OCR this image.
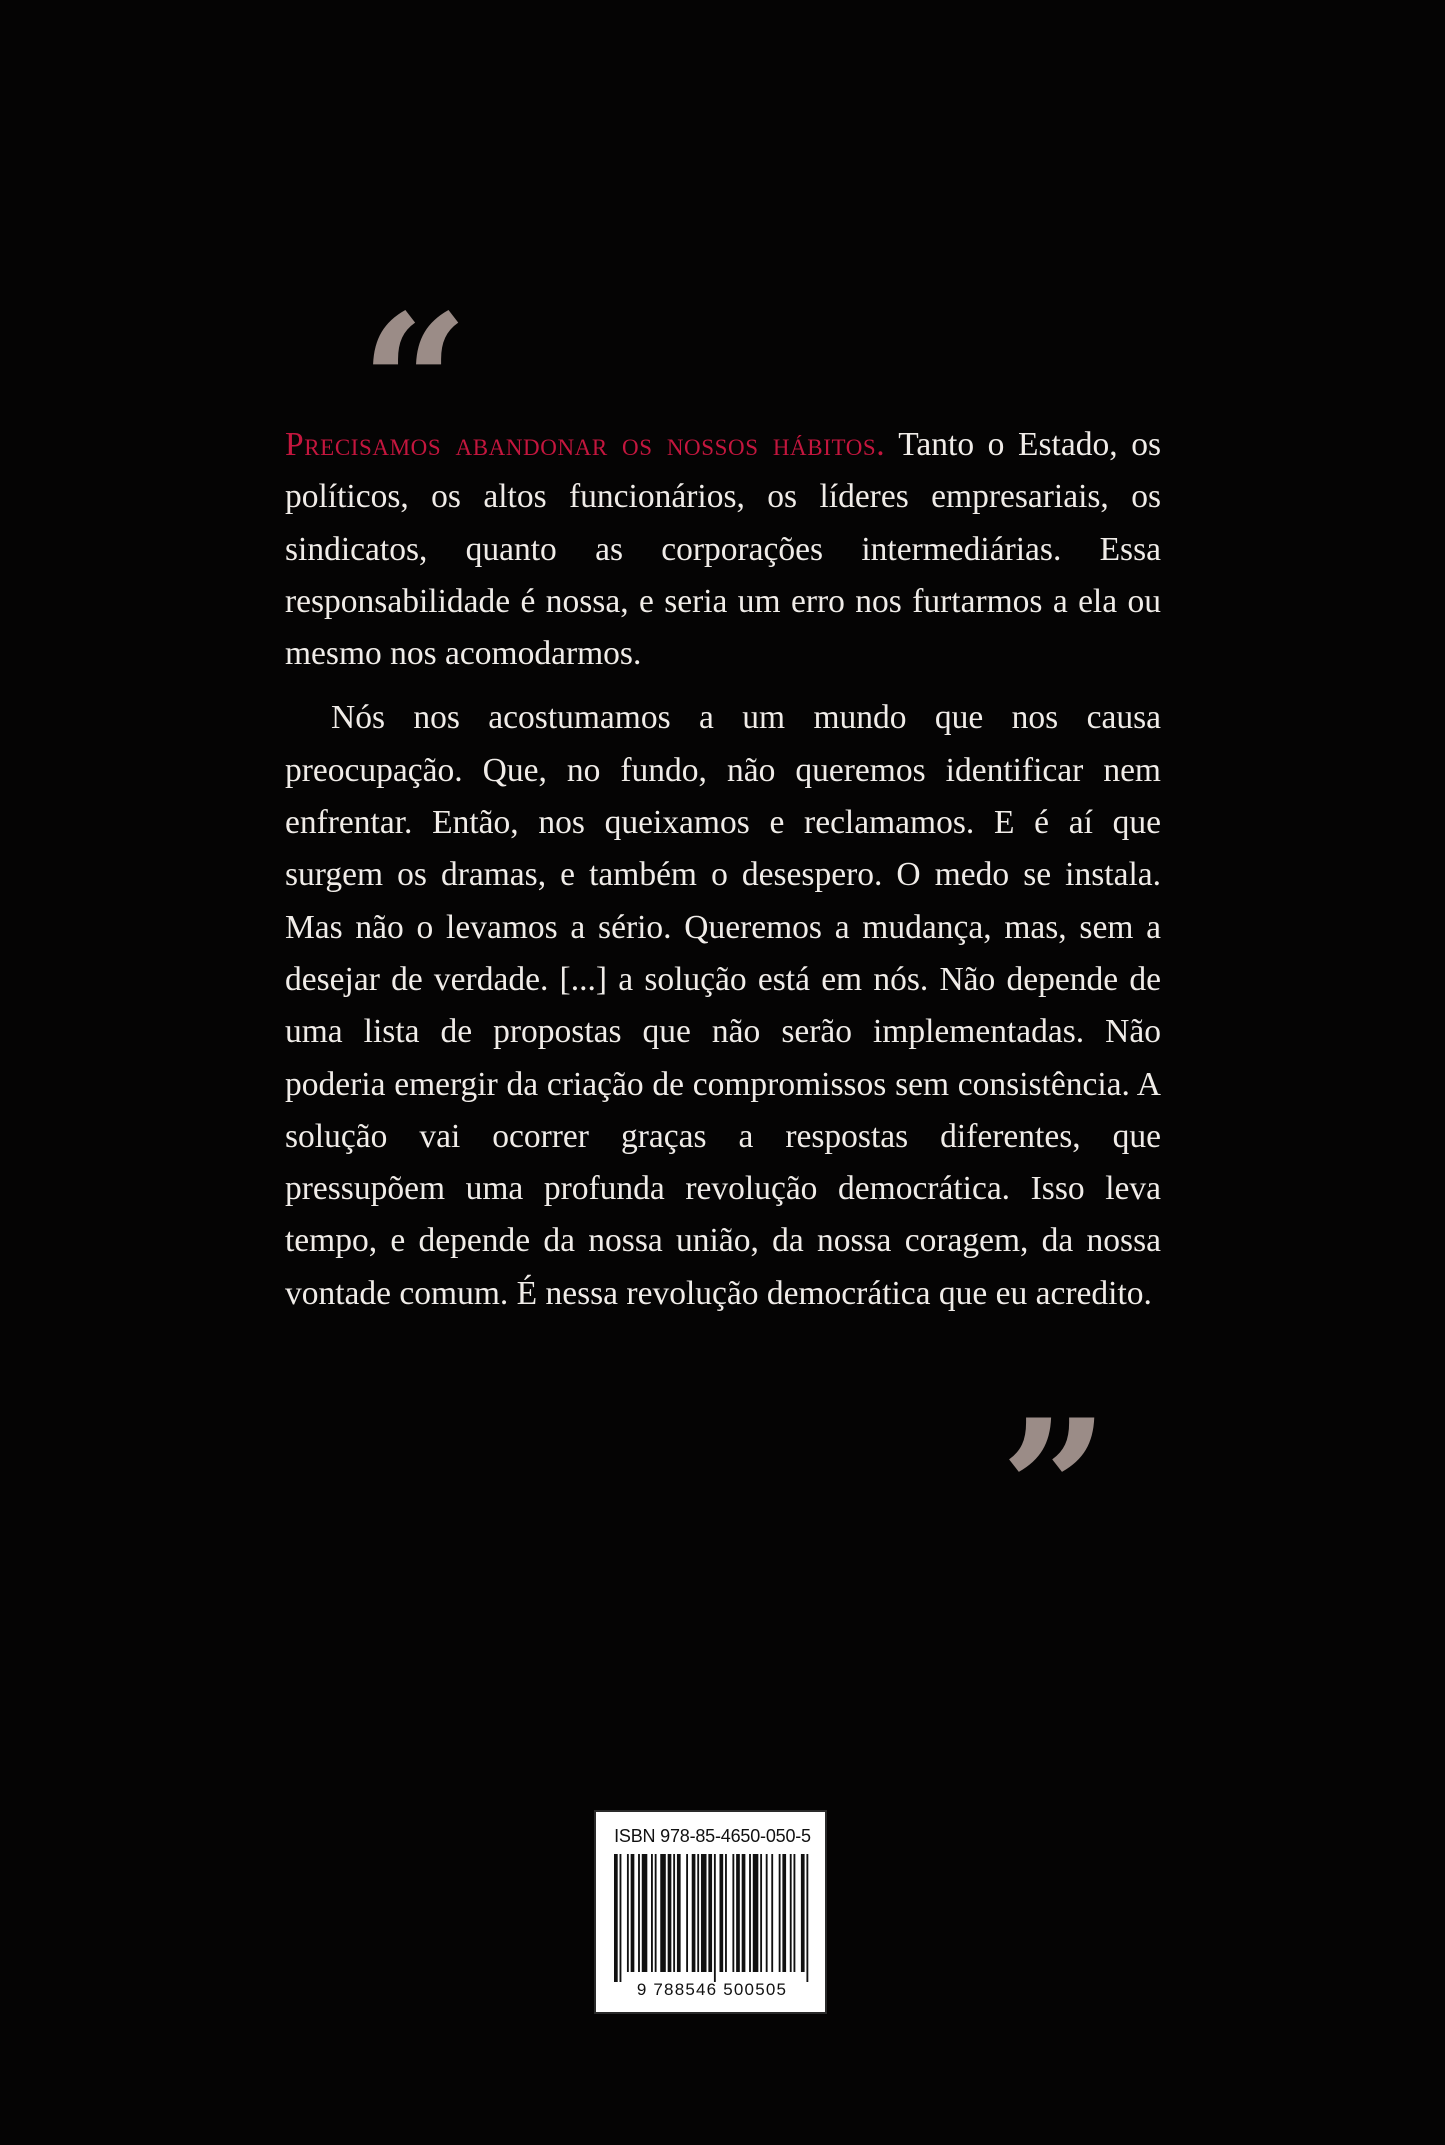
“

Precisamos abandonar os nossos hábitos. Tanto o Estado, os políticos, os altos funcionários, os líderes empresariais, os sindicatos, quanto as corporações intermediárias. Essa responsabilidade é nossa, e seria um erro nos furtarmos a ela ou mesmo nos acomodarmos.

Nós nos acostumamos a um mundo que nos causa preocupação. Que, no fundo, não queremos identificar nem enfrentar. Então, nos queixamos e reclamamos. E é aí que surgem os dramas, e também o desespero. O medo se instala. Mas não o levamos a sério. Queremos a mudança, mas, sem a desejar de verdade. [...] a solução está em nós. Não depende de uma lista de propostas que não serão implementadas. Não poderia emergir da criação de compromissos sem consistência. A solução vai ocorrer graças a respostas diferentes, que pressupõem uma profunda revolução democrática. Isso leva tempo, e depende da nossa união, da nossa coragem, da nossa vontade comum. É nessa revolução democrática que eu acredito.

”
ISBN 978-85-4650-050-5
9 788546 500505
